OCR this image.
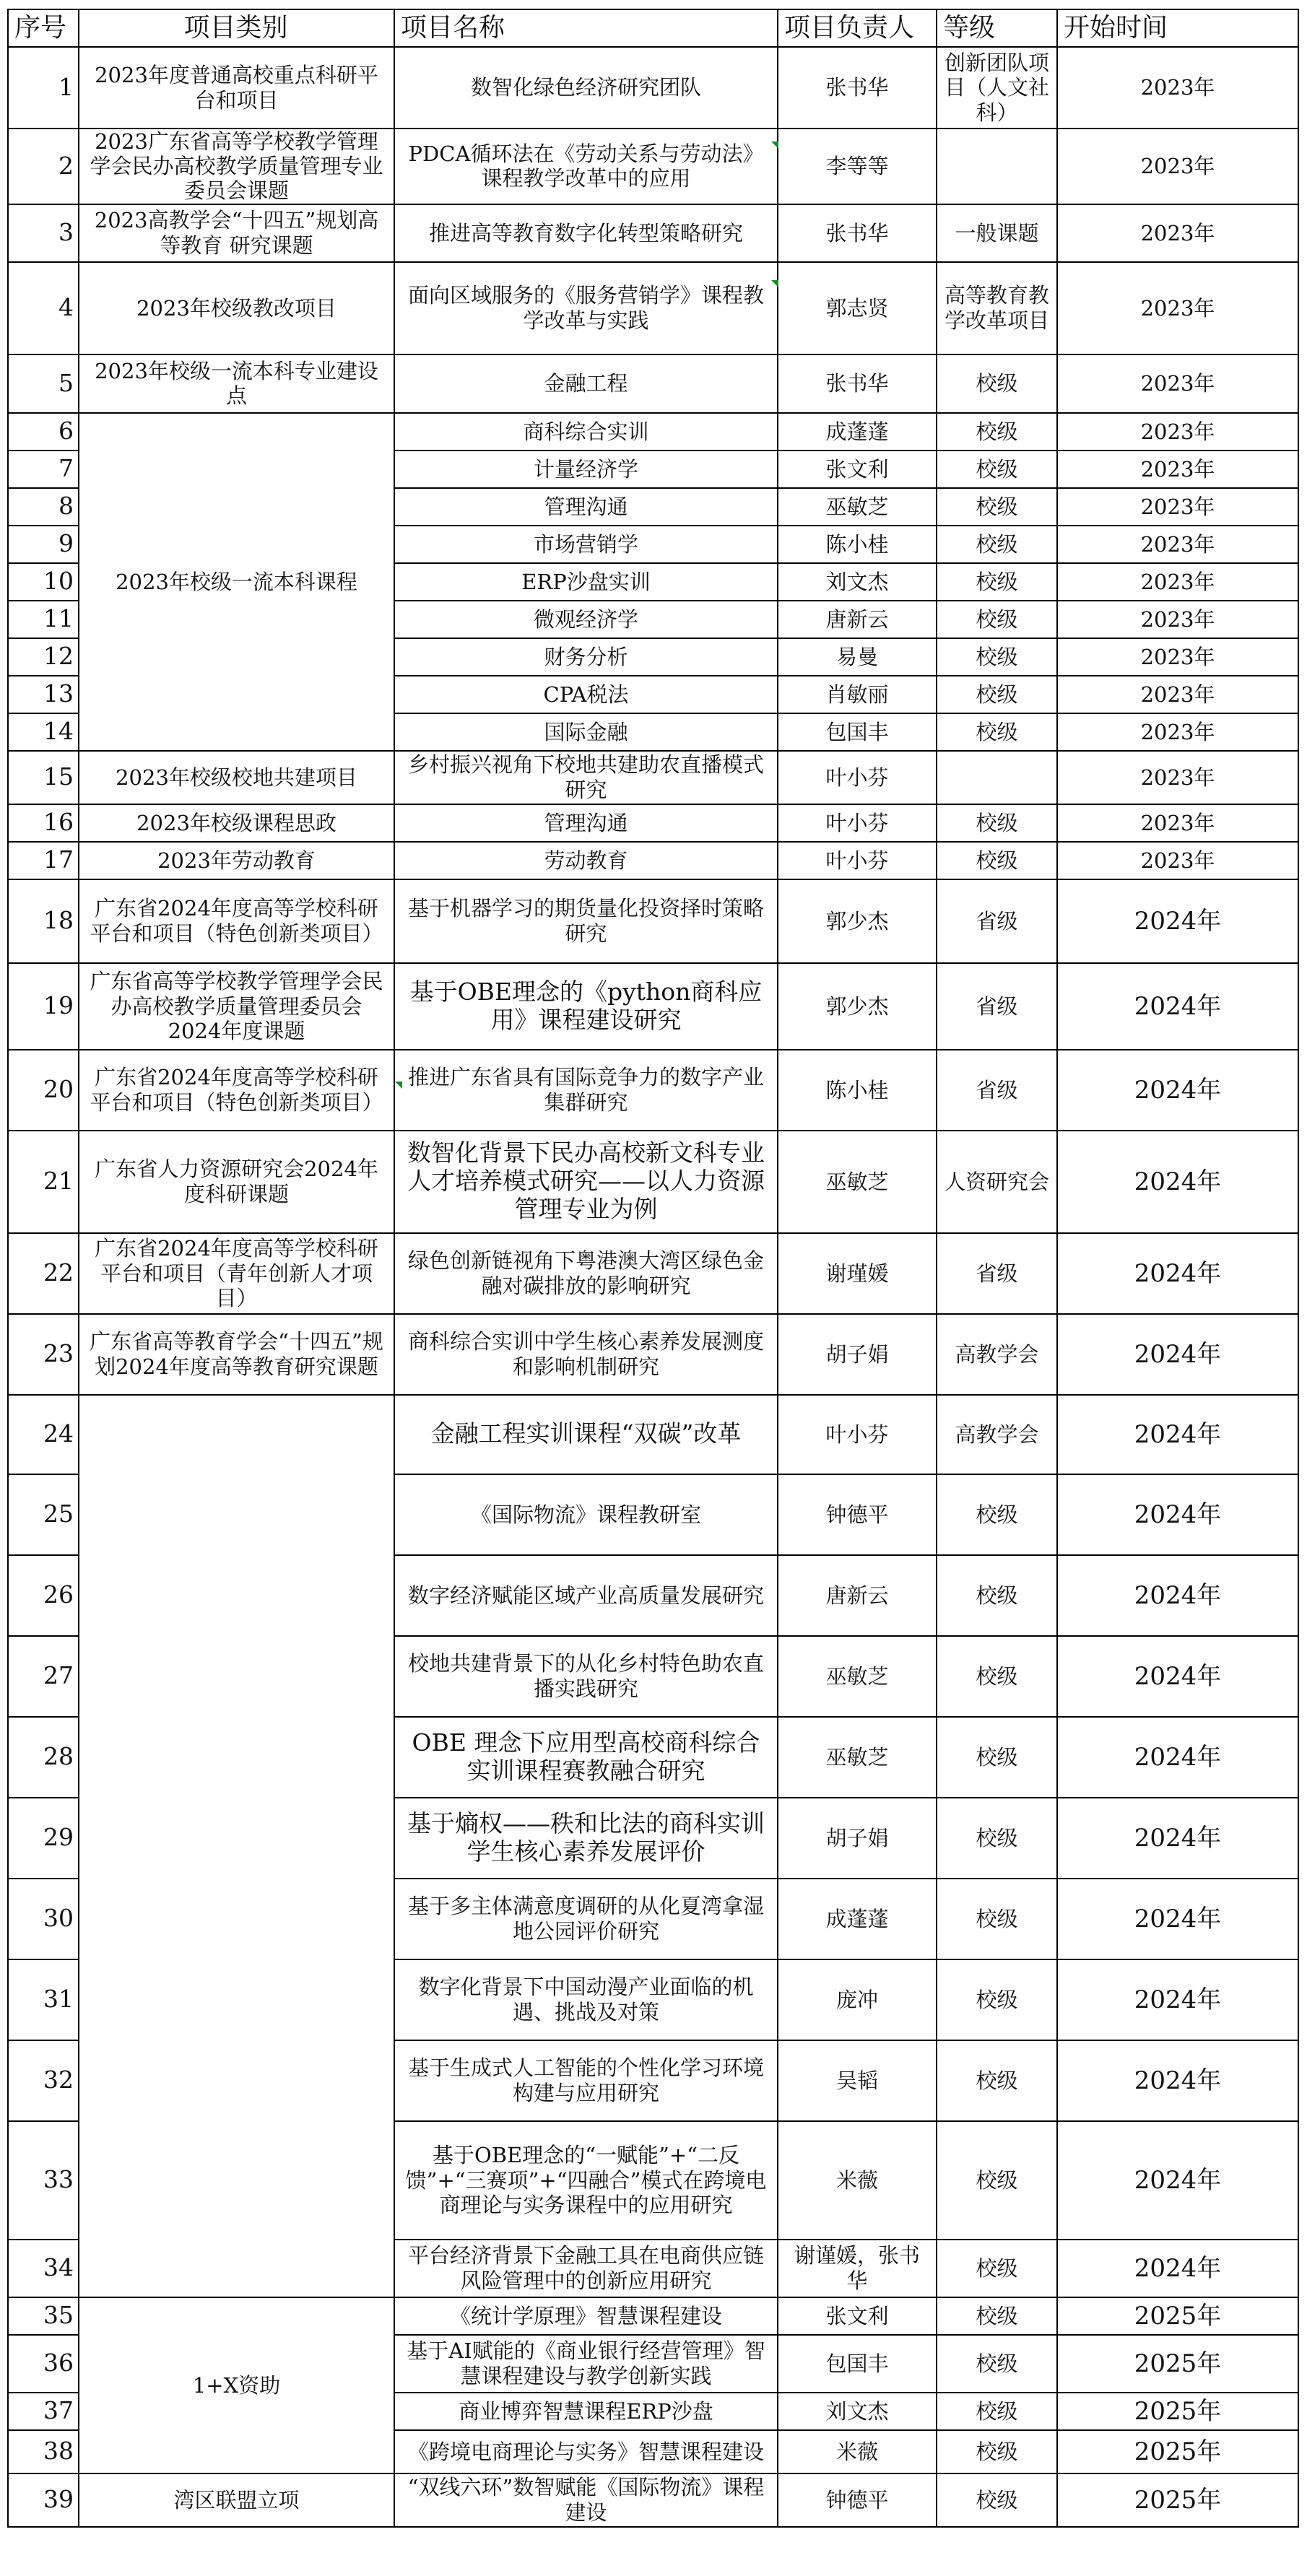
序号	项目类别	项目名称	项目负责人	等级	开始时间
1	2023年度普通高校重点科研平台和项目	数智化绿色经济研究团队	张书华	创新团队项目（人文社科）	2023年
2	2023广东省高等学校教学管理学会民办高校教学质量管理专业委员会课题	PDCA循环法在《劳动关系与劳动法》课程教学改革中的应用	李等等		2023年
3	2023高教学会“十四五”规划高等教育 研究课题	推进高等教育数字化转型策略研究	张书华	一般课题	2023年
4	2023年校级教改项目	面向区域服务的《服务营销学》课程教学改革与实践	郭志贤	高等教育教学改革项目	2023年
5	2023年校级一流本科专业建设点	金融工程	张书华	校级	2023年
6	2023年校级一流本科课程	商科综合实训	成蓬蓬	校级	2023年
7		计量经济学	张文利	校级	2023年
8		管理沟通	巫敏芝	校级	2023年
9		市场营销学	陈小桂	校级	2023年
10		ERP沙盘实训	刘文杰	校级	2023年
11		微观经济学	唐新云	校级	2023年
12		财务分析	易曼	校级	2023年
13		CPA税法	肖敏丽	校级	2023年
14		国际金融	包国丰	校级	2023年
15	2023年校级校地共建项目	乡村振兴视角下校地共建助农直播模式研究	叶小芬		2023年
16	2023年校级课程思政	管理沟通	叶小芬	校级	2023年
17	2023年劳动教育	劳动教育	叶小芬	校级	2023年
18	广东省2024年度高等学校科研平台和项目（特色创新类项目）	基于机器学习的期货量化投资择时策略研究	郭少杰	省级	2024年
19	广东省高等学校教学管理学会民办高校教学质量管理委员会2024年度课题	基于OBE理念的《python商科应用》课程建设研究	郭少杰	省级	2024年
20	广东省2024年度高等学校科研平台和项目（特色创新类项目）	推进广东省具有国际竞争力的数字产业集群研究	陈小桂	省级	2024年
21	广东省人力资源研究会2024年度科研课题	数智化背景下民办高校新文科专业人才培养模式研究——以人力资源管理专业为例	巫敏芝	人资研究会	2024年
22	广东省2024年度高等学校科研平台和项目（青年创新人才项目）	绿色创新链视角下粤港澳大湾区绿色金融对碳排放的影响研究	谢瑾媛	省级	2024年
23	广东省高等教育学会“十四五”规划2024年度高等教育研究课题	商科综合实训中学生核心素养发展测度和影响机制研究	胡子娟	高教学会	2024年
24		金融工程实训课程“双碳”改革	叶小芬	高教学会	2024年
25		《国际物流》课程教研室	钟德平	校级	2024年
26		数字经济赋能区域产业高质量发展研究	唐新云	校级	2024年
27		校地共建背景下的从化乡村特色助农直播实践研究	巫敏芝	校级	2024年
28		OBE 理念下应用型高校商科综合实训课程赛教融合研究	巫敏芝	校级	2024年
29		基于熵权——秩和比法的商科实训学生核心素养发展评价	胡子娟	校级	2024年
30		基于多主体满意度调研的从化夏湾拿湿地公园评价研究	成蓬蓬	校级	2024年
31		数字化背景下中国动漫产业面临的机遇、挑战及对策	庞冲	校级	2024年
32		基于生成式人工智能的个性化学习环境构建与应用研究	吴韬	校级	2024年
33		基于OBE理念的“一赋能”+“二反馈”+“三赛项”+“四融合”模式在跨境电商理论与实务课程中的应用研究	米薇	校级	2024年
34		平台经济背景下金融工具在电商供应链风险管理中的创新应用研究	谢谨媛，张书华	校级	2024年
35	1+X资助	《统计学原理》智慧课程建设	张文利	校级	2025年
36		基于AI赋能的《商业银行经营管理》智慧课程建设与教学创新实践	包国丰	校级	2025年
37		商业博弈智慧课程ERP沙盘	刘文杰	校级	2025年
38		《跨境电商理论与实务》智慧课程建设	米薇	校级	2025年
39	湾区联盟立项	“双线六环”数智赋能《国际物流》课程建设	钟德平	校级	2025年
